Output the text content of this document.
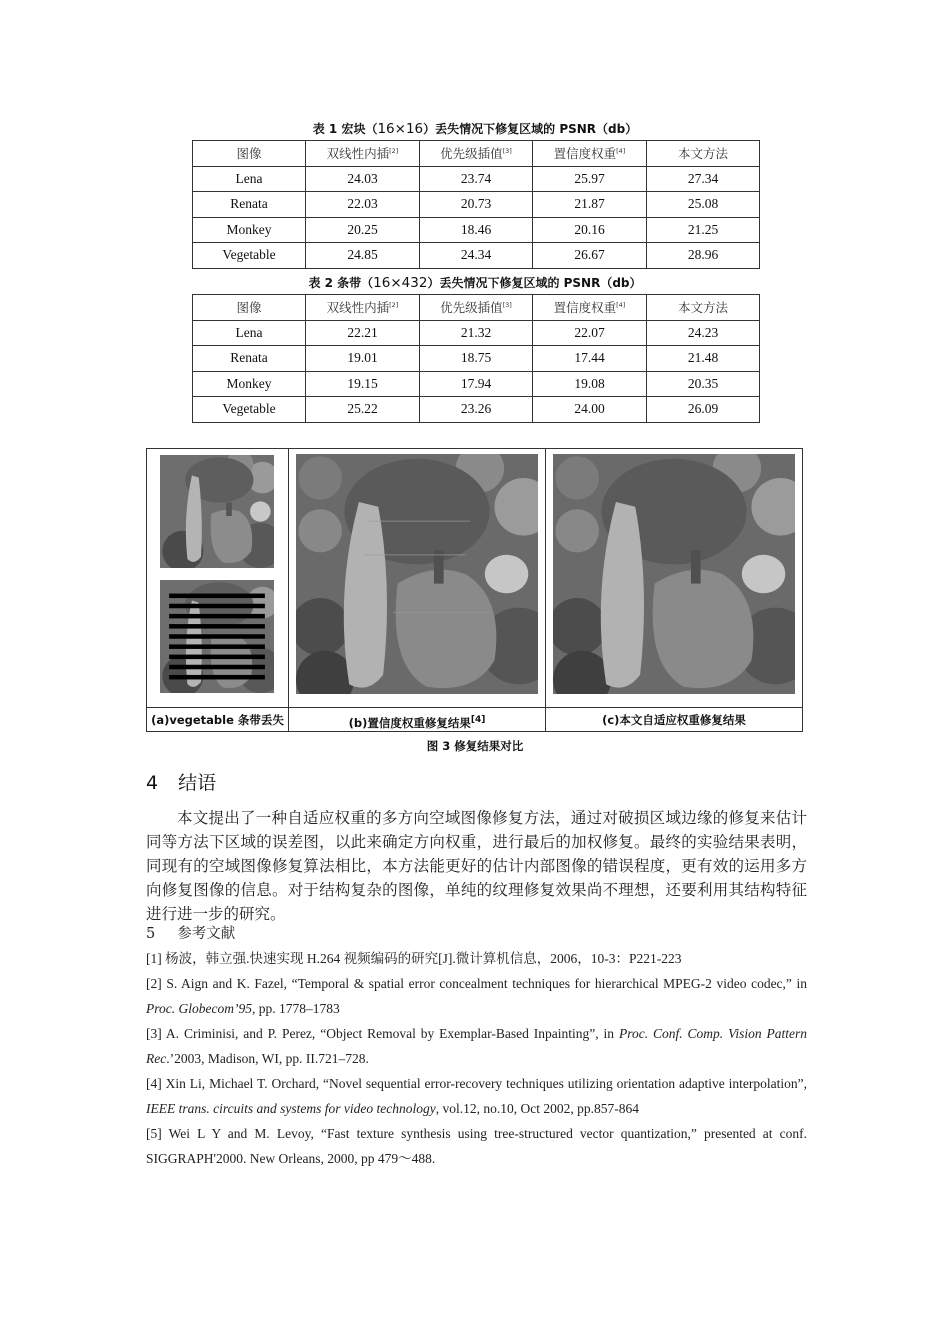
表 1 宏块（16×16）丢失情况下修复区域的 PSNR（db）
图像	双线性内插[2]	优先级插值[3]	置信度权重[4]	本文方法
Lena	24.03	23.74	25.97	27.34
Renata	22.03	20.73	21.87	25.08
Monkey	20.25	18.46	20.16	21.25
Vegetable	24.85	24.34	26.67	28.96
表 2 条带（16×432）丢失情况下修复区域的 PSNR（db）
图像	双线性内插[2]	优先级插值[3]	置信度权重[4]	本文方法
Lena	22.21	21.32	22.07	24.23
Renata	19.01	18.75	17.44	21.48
Monkey	19.15	17.94	19.08	20.35
Vegetable	25.22	23.26	24.00	26.09
(a)vegetable 条带丢失	(b)置信度权重修复结果[4]	(c)本文自适应权重修复结果
图 3 修复结果对比
4 结语

本文提出了一种自适应权重的多方向空域图像修复方法，通过对破损区域边缘的修复来估计同等方法下区域的误差图，以此来确定方向权重，进行最后的加权修复。最终的实验结果表明，同现有的空域图像修复算法相比，本方法能更好的估计内部图像的错误程度，更有效的运用多方向修复图像的信息。对于结构复杂的图像，单纯的纹理修复效果尚不理想，还要利用其结构特征进行进一步的研究。

5 参考文献

[1] 杨波，韩立强.快速实现 H.264 视频编码的研究[J].微计算机信息，2006，10-3：P221-223

[2] S. Aign and K. Fazel, “Temporal & spatial error concealment techniques for hierarchical MPEG-2 video codec,” in Proc. Globecom’95, pp. 1778–1783

[3] A. Criminisi, and P. Perez, “Object Removal by Exemplar-Based Inpainting”, in Proc. Conf. Comp. Vision Pattern Rec.’2003, Madison, WI, pp. II.721–728.

[4] Xin Li, Michael T. Orchard, “Novel sequential error-recovery techniques utilizing orientation adaptive interpolation”, IEEE trans. circuits and systems for video technology, vol.12, no.10, Oct 2002, pp.857-864

[5] Wei L Y and M. Levoy, “Fast texture synthesis using tree-structured vector quantization,” presented at conf. SIGGRAPH'2000. New Orleans, 2000, pp 479～488.
